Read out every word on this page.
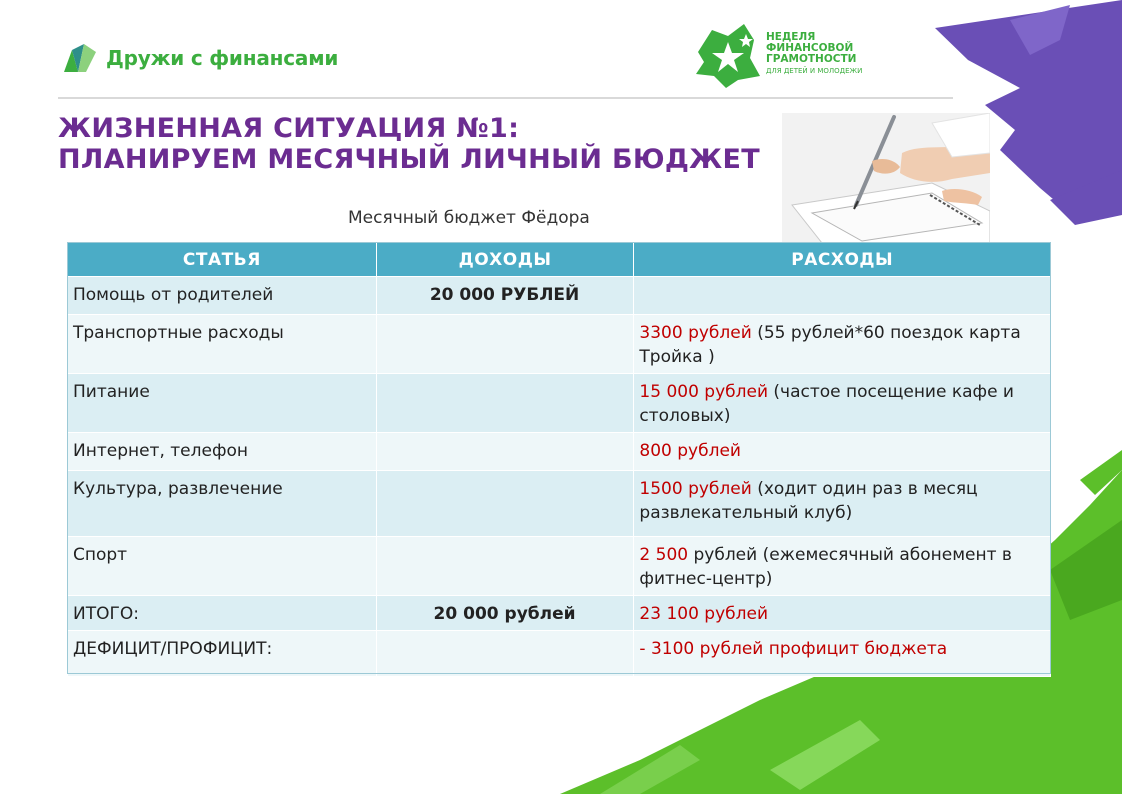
Дружи с финансами
НЕДЕЛЯ
ФИНАНСОВОЙ
ГРАМОТНОСТИ
ДЛЯ ДЕТЕЙ И МОЛОДЕЖИ
ЖИЗНЕННАЯ СИТУАЦИЯ №1:
ПЛАНИРУЕМ МЕСЯЧНЫЙ ЛИЧНЫЙ БЮДЖЕТ
Месячный бюджет Фёдора
СТАТЬЯ	ДОХОДЫ	РАСХОДЫ
Помощь от родителей	20 000 РУБЛЕЙ	
Транспортные расходы		3300 рублей (55 рублей*60 поездок карта Тройка )
Питание		15 000 рублей (частое посещение кафе и столовых)
Интернет, телефон		800 рублей
Культура, развлечение		1500 рублей (ходит один раз в месяц развлекательный клуб)
Спорт		2 500 рублей (ежемесячный абонемент в фитнес-центр)
ИТОГО:	20 000 рублей	23 100 рублей
ДЕФИЦИТ/ПРОФИЦИТ:		- 3100 рублей профицит бюджета
